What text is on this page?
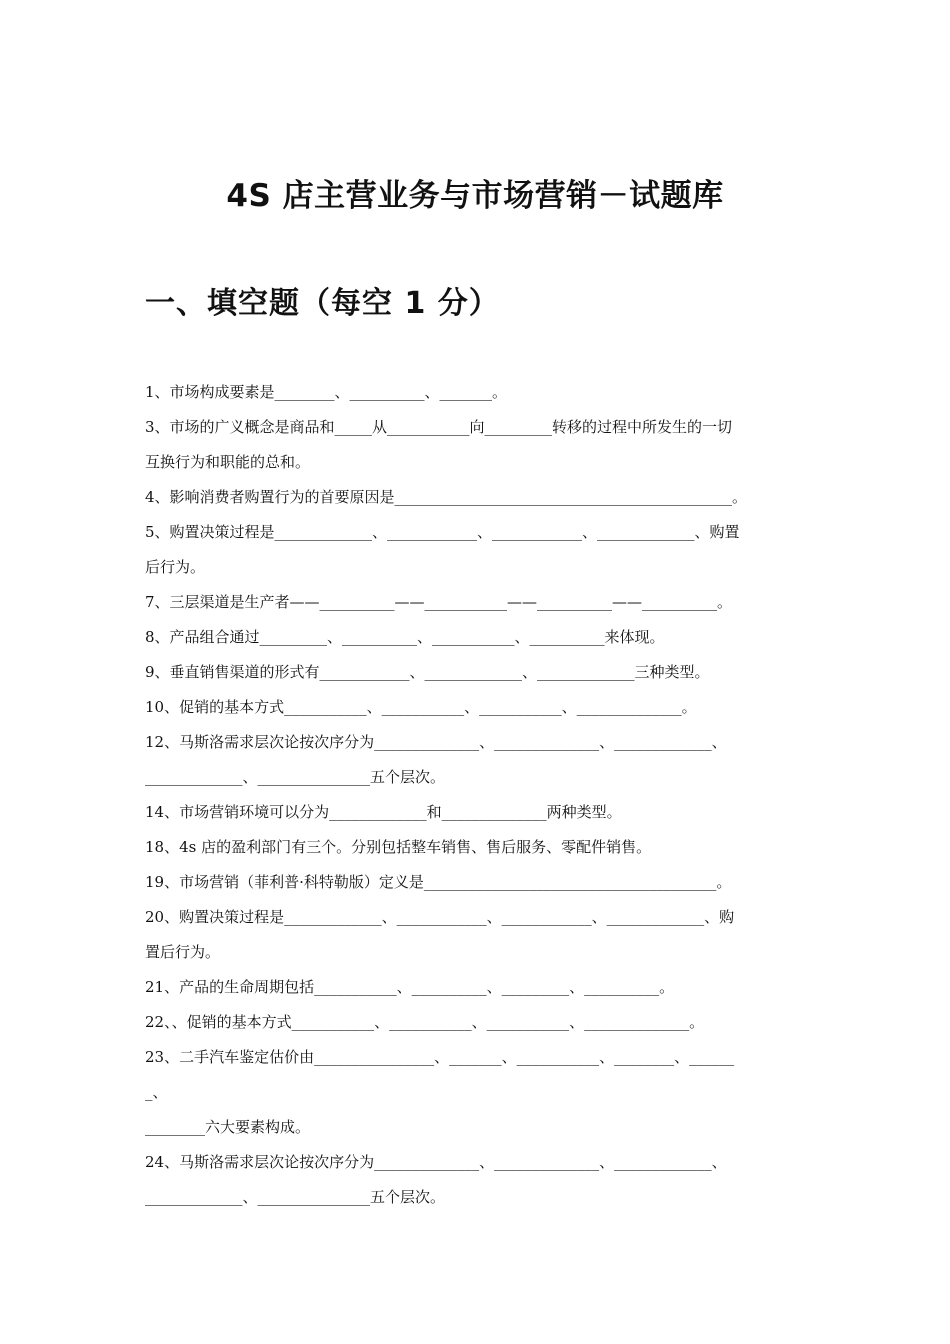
4S 店主营业务与市场营销－试题库
一、填空题（每空 1 分）

1、市场构成要素是________、__________、_______。

3、市场的广义概念是商品和_____从___________向_________转移的过程中所发生的一切

互换行为和职能的总和。

4、影响消费者购置行为的首要原因是_____________________________________________。

5、购置决策过程是_____________、____________、____________、_____________、购置

后行为。

7、三层渠道是生产者——__________——___________——__________——__________。

8、产品组合通过_________、__________、___________、__________来体现。

9、垂直销售渠道的形式有____________、_____________、_____________三种类型。

10、促销的基本方式___________、___________、___________、______________。

12、马斯洛需求层次论按次序分为______________、______________、_____________、

_____________、_______________五个层次。

14、市场营销环境可以分为_____________和______________两种类型。

18、4s 店的盈利部门有三个。分别包括整车销售、售后服务、零配件销售。

19、市场营销（菲利普·科特勒版）定义是_______________________________________。

20、购置决策过程是_____________、____________、____________、_____________、购

置后行为。

21、产品的生命周期包括___________、__________、_________、__________。

22、、促销的基本方式___________、___________、___________、______________。

23、二手汽车鉴定估价由________________、_______、___________、________、______

_、

________六大要素构成。

24、马斯洛需求层次论按次序分为______________、______________、_____________、

_____________、_______________五个层次。
